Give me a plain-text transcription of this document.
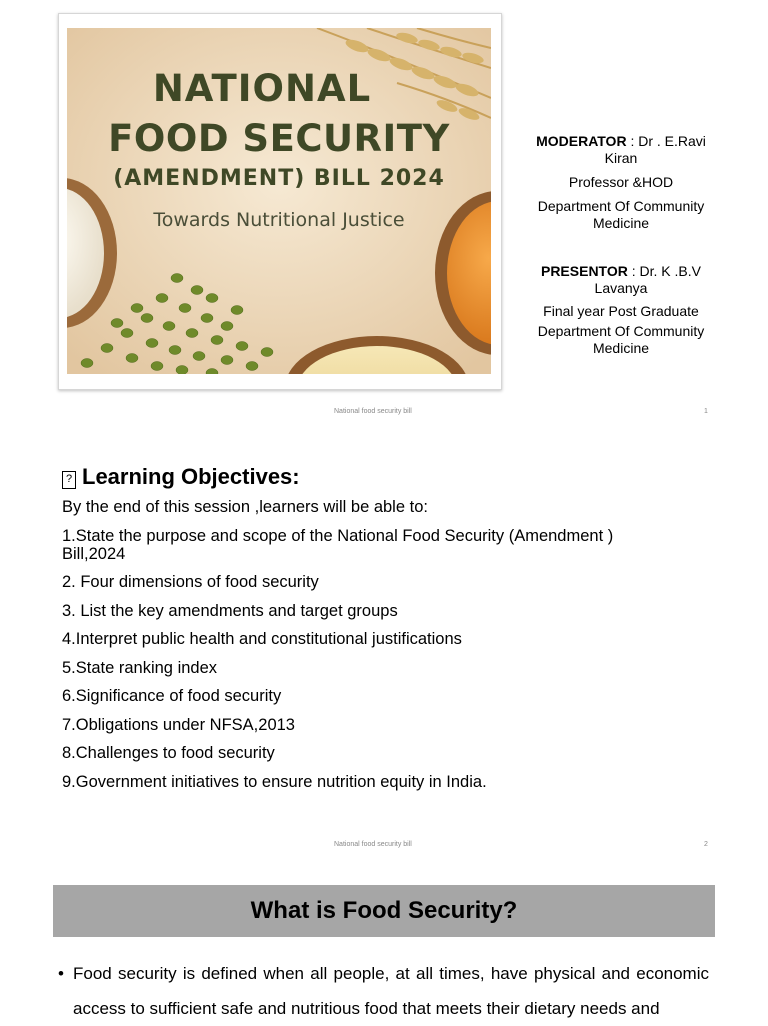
NATIONAL
FOOD SECURITY
(AMENDMENT) BILL 2024
Towards Nutritional Justice
MODERATOR : Dr . E.Ravi
Kiran
Professor &HOD
Department Of Community
Medicine
PRESENTOR : Dr. K .B.V
Lavanya
Final year Post Graduate
Department Of Community
Medicine
National food security bill	1
? Learning Objectives:
By the end of this session ,learners will be able to:
1.State the purpose and scope of the National Food Security (Amendment )
Bill,2024
2. Four dimensions of food security
3. List the key amendments and target groups
4.Interpret public health and constitutional justifications
5.State ranking index
6.Significance of food security
7.Obligations under NFSA,2013
8.Challenges to food security
9.Government initiatives to ensure nutrition equity in India.
National food security bill	2
What is Food Security?
• Food security is defined when all people, at all times, have physical and economic access to sufficient safe and nutritious food that meets their dietary needs and
